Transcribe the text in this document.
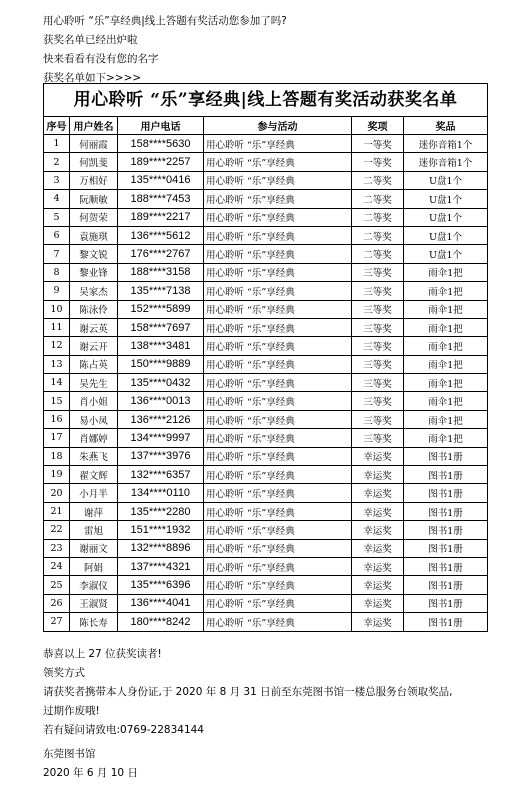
用心聆听 “乐”享经典|线上答题有奖活动您参加了吗?

获奖名单已经出炉啦

快来看看有没有您的名字

获奖名单如下>>>>

用心聆听 “乐”享经典|线上答题有奖活动获奖名单
序号	用户姓名	用户电话	参与活动	奖项	奖品
1	何丽霞	158****5630	用心聆听 “乐”享经典	一等奖	迷你音箱1个
2	何凯斐	189****2257	用心聆听 “乐”享经典	一等奖	迷你音箱1个
3	万相好	135****0416	用心聆听 “乐”享经典	二等奖	U盘1个
4	阮顺敏	188****7453	用心聆听 “乐”享经典	二等奖	U盘1个
5	何贺荣	189****2217	用心聆听 “乐”享经典	二等奖	U盘1个
6	袁施琪	136****5612	用心聆听 “乐”享经典	二等奖	U盘1个
7	黎文锐	176****2767	用心聆听 “乐”享经典	二等奖	U盘1个
8	黎业锋	188****3158	用心聆听 “乐”享经典	三等奖	雨伞1把
9	吴家杰	135****7138	用心聆听 “乐”享经典	三等奖	雨伞1把
10	陈泳伶	152****5899	用心聆听 “乐”享经典	三等奖	雨伞1把
11	谢云英	158****7697	用心聆听 “乐”享经典	三等奖	雨伞1把
12	谢云开	138****3481	用心聆听 “乐”享经典	三等奖	雨伞1把
13	陈占英	150****9889	用心聆听 “乐”享经典	三等奖	雨伞1把
14	吴先生	135****0432	用心聆听 “乐”享经典	三等奖	雨伞1把
15	肖小姐	136****0013	用心聆听 “乐”享经典	三等奖	雨伞1把
16	易小凤	136****2126	用心聆听 “乐”享经典	三等奖	雨伞1把
17	肖娜婷	134****9997	用心聆听 “乐”享经典	三等奖	雨伞1把
18	朱燕飞	137****3976	用心聆听 “乐”享经典	幸运奖	图书1册
19	翟文辉	132****6357	用心聆听 “乐”享经典	幸运奖	图书1册
20	小月半	134****0110	用心聆听 “乐”享经典	幸运奖	图书1册
21	谢萍	135****2280	用心聆听 “乐”享经典	幸运奖	图书1册
22	雷旭	151****1932	用心聆听 “乐”享经典	幸运奖	图书1册
23	谢丽文	132****8896	用心聆听 “乐”享经典	幸运奖	图书1册
24	阿娟	137****4321	用心聆听 “乐”享经典	幸运奖	图书1册
25	李淑仪	135****6396	用心聆听 “乐”享经典	幸运奖	图书1册
26	王淑贤	136****4041	用心聆听 “乐”享经典	幸运奖	图书1册
27	陈长寿	180****8242	用心聆听 “乐”享经典	幸运奖	图书1册

恭喜以上 27 位获奖读者!

领奖方式

请获奖者携带本人身份证,于 2020 年 8 月 31 日前至东莞图书馆一楼总服务台领取奖品,

过期作废哦!

若有疑问请致电:0769-22834144

东莞图书馆

2020 年 6 月 10 日
